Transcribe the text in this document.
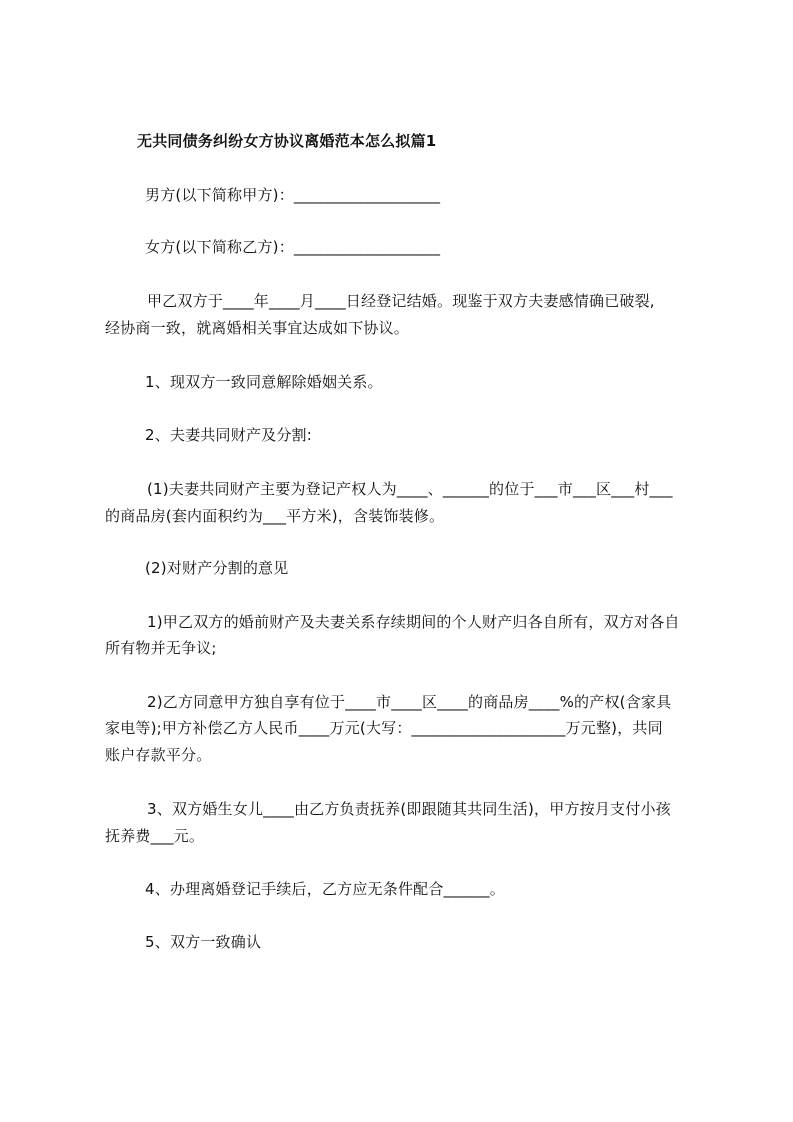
无共同债务纠纷女方协议离婚范本怎么拟篇1
男方(以下简称甲方)：___________________
女方(以下简称乙方)：___________________
甲乙双方于____年____月____日经登记结婚。现鉴于双方夫妻感情确已破裂,
经协商一致，就离婚相关事宜达成如下协议。
1、现双方一致同意解除婚姻关系。
2、夫妻共同财产及分割:
(1)夫妻共同财产主要为登记产权人为____、______的位于___市___区___村___
的商品房(套内面积约为___平方米)，含装饰装修。
(2)对财产分割的意见
1)甲乙双方的婚前财产及夫妻关系存续期间的个人财产归各自所有，双方对各自
所有物并无争议;
2)乙方同意甲方独自享有位于____市____区____的商品房____%的产权(含家具
家电等);甲方补偿乙方人民币____万元(大写：____________________万元整)，共同
账户存款平分。
3、双方婚生女儿____由乙方负责抚养(即跟随其共同生活)，甲方按月支付小孩
抚养费___元。
4、办理离婚登记手续后，乙方应无条件配合______。
5、双方一致确认
